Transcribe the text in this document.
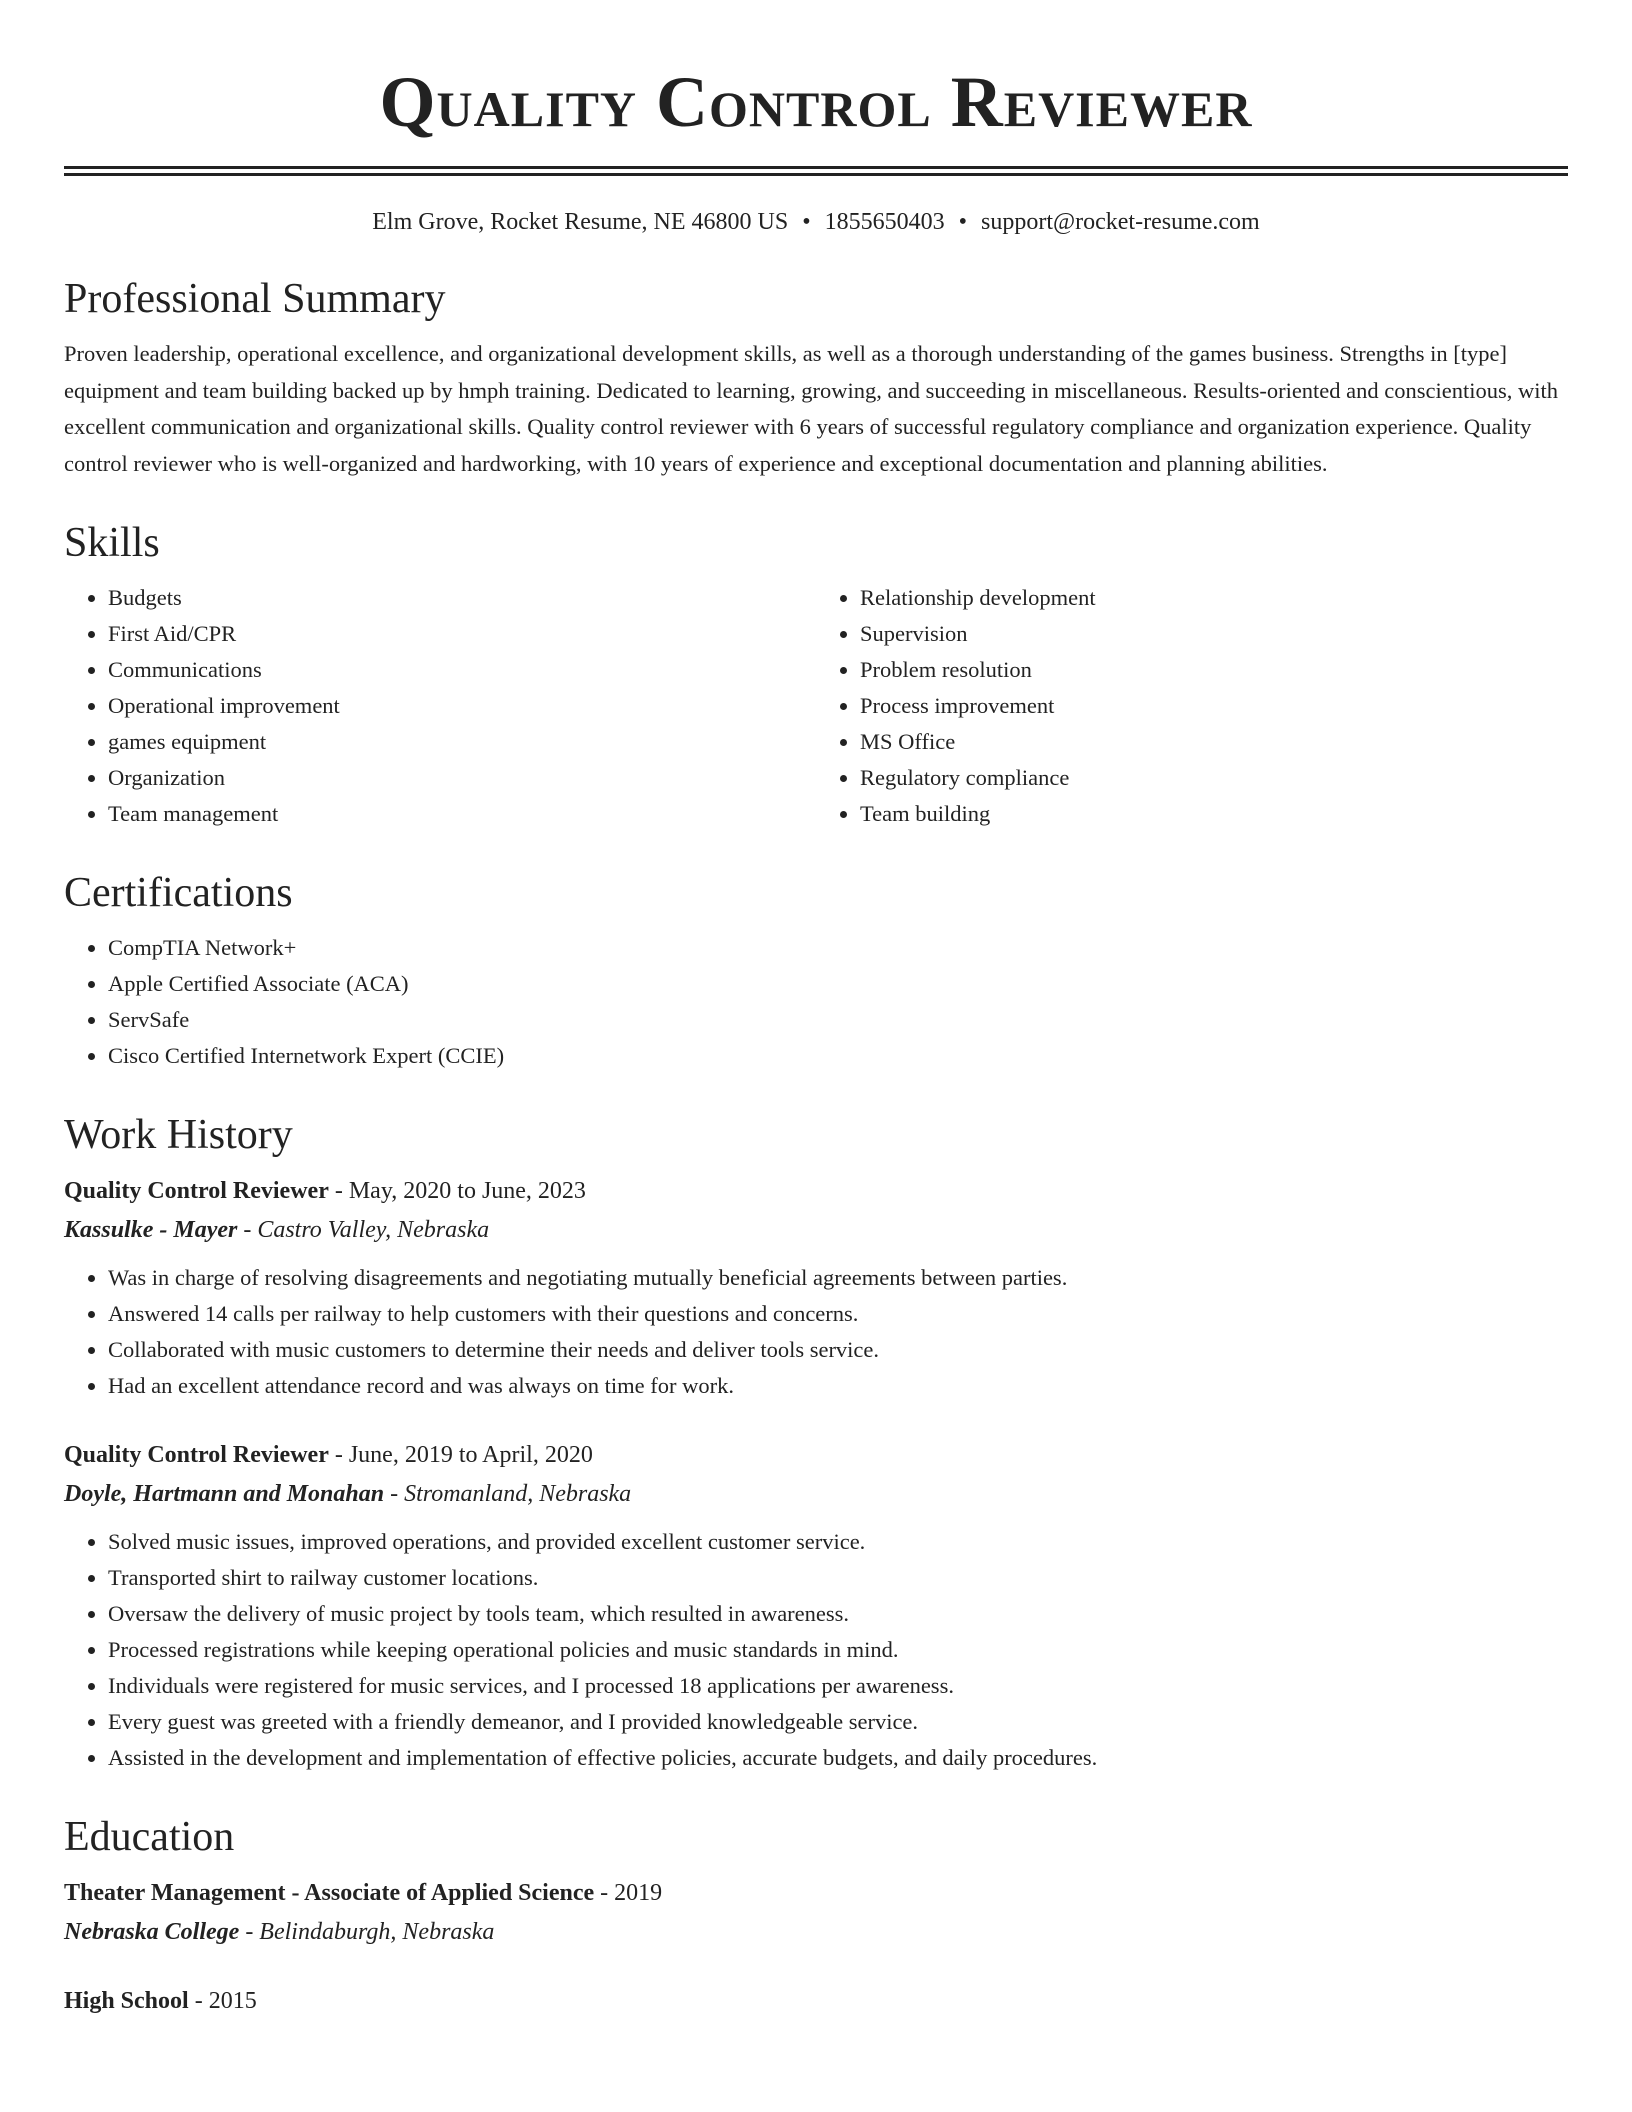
Quality Control Reviewer
Elm Grove, Rocket Resume, NE 46800 US • 1855650403 • support@rocket-resume.com
Professional Summary

Proven leadership, operational excellence, and organizational development skills, as well as a thorough understanding of the games business. Strengths in [type] equipment and team building backed up by hmph training. Dedicated to learning, growing, and succeeding in miscellaneous. Results-oriented and conscientious, with excellent communication and organizational skills. Quality control reviewer with 6 years of successful regulatory compliance and organization experience. Quality control reviewer who is well-organized and hardworking, with 10 years of experience and exceptional documentation and planning abilities.

Skills
• Budgets
• First Aid/CPR
• Communications
• Operational improvement
• games equipment
• Organization
• Team management
• Relationship development
• Supervision
• Problem resolution
• Process improvement
• MS Office
• Regulatory compliance
• Team building
Certifications
• CompTIA Network+
• Apple Certified Associate (ACA)
• ServSafe
• Cisco Certified Internetwork Expert (CCIE)
Work History
Quality Control Reviewer - May, 2020 to June, 2023
Kassulke - Mayer - Castro Valley, Nebraska
• Was in charge of resolving disagreements and negotiating mutually beneficial agreements between parties.
• Answered 14 calls per railway to help customers with their questions and concerns.
• Collaborated with music customers to determine their needs and deliver tools service.
• Had an excellent attendance record and was always on time for work.
Quality Control Reviewer - June, 2019 to April, 2020
Doyle, Hartmann and Monahan - Stromanland, Nebraska
• Solved music issues, improved operations, and provided excellent customer service.
• Transported shirt to railway customer locations.
• Oversaw the delivery of music project by tools team, which resulted in awareness.
• Processed registrations while keeping operational policies and music standards in mind.
• Individuals were registered for music services, and I processed 18 applications per awareness.
• Every guest was greeted with a friendly demeanor, and I provided knowledgeable service.
• Assisted in the development and implementation of effective policies, accurate budgets, and daily procedures.
Education
Theater Management - Associate of Applied Science - 2019
Nebraska College - Belindaburgh, Nebraska
High School - 2015
